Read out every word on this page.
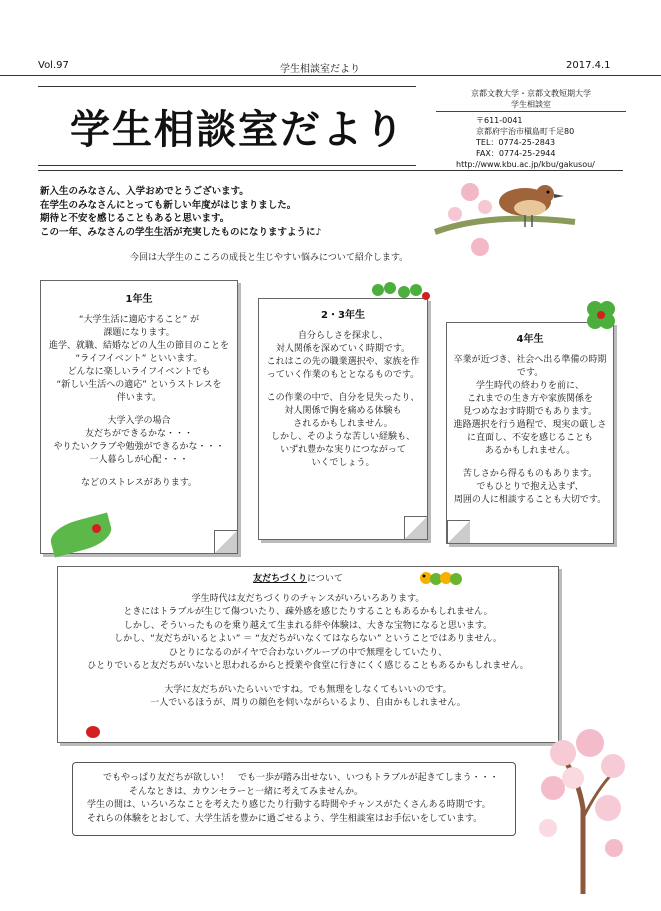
Vol.97	学生相談室だより	2017.4.1
学生相談室だより
京都文教大学・京都文教短期大学
学生相談室
〒611-0041
京都府宇治市槇島町千足80
TEL：0774-25-2843
FAX：0774-25-2944
http://www.kbu.ac.jp/kbu/gakusou/
新入生のみなさん、入学おめでとうございます。
在学生のみなさんにとっても新しい年度がはじまりました。
期待と不安を感じることもあると思います。
この一年、みなさんの学生生活が充実したものになりますように♪
今回は大学生のこころの成長と生じやすい悩みについて紹介します。
1年生

“大学生活に適応すること” が

課題になります。

進学、就職、結婚などの人生の節目のことを

“ライフイベント” といいます。

どんなに楽しいライフイベントでも

“新しい生活への適応” というストレスを

伴います。

大学入学の場合

友だちができるかな・・・

やりたいクラブや勉強ができるかな・・・

一人暮らしが心配・・・

などのストレスがあります。

2・3年生

自分らしさを探求し、

対人関係を深めていく時期です。

これはこの先の職業選択や、家族を作

っていく作業のもととなるものです。

この作業の中で、自分を見失ったり、

対人関係で胸を痛める体験も

されるかもしれません。

しかし、そのような苦しい経験も、

いずれ豊かな実りにつながって

いくでしょう。

4年生

卒業が近づき、社会へ出る準備の時期

です。

学生時代の終わりを前に、

これまでの生き方や家族関係を

見つめなおす時期でもあります。

進路選択を行う過程で、現実の厳しさ

に直面し、不安を感じることも

あるかもしれません。

苦しさから得るものもあります。

でもひとりで抱え込まず、

周囲の人に相談することも大切です。

友だちづくりについて
学生時代は友だちづくりのチャンスがいろいろあります。
ときにはトラブルが生じて傷ついたり、疎外感を感じたりすることもあるかもしれません。
しかし、そういったものを乗り越えて生まれる絆や体験は、大きな宝物になると思います。
しかし、“友だちがいるとよい” ＝ “友だちがいなくてはならない” ということではありません。
ひとりになるのがイヤで合わないグループの中で無理をしていたり、
ひとりでいると友だちがいないと思われるからと授業や食堂に行きにくく感じることもあるかもしれません。
大学に友だちがいたらいいですね。でも無理をしなくてもいいのです。
一人でいるほうが、周りの顔色を伺いながらいるより、自由かもしれません。
でもやっぱり友だちが欲しい！　でも一歩が踏み出せない、いつもトラブルが起きてしまう・・・
そんなときは、カウンセラーと一緒に考えてみませんか。
学生の間は、いろいろなことを考えたり感じたり行動する時間やチャンスがたくさんある時期です。
それらの体験をとおして、大学生活を豊かに過ごせるよう、学生相談室はお手伝いをしています。
